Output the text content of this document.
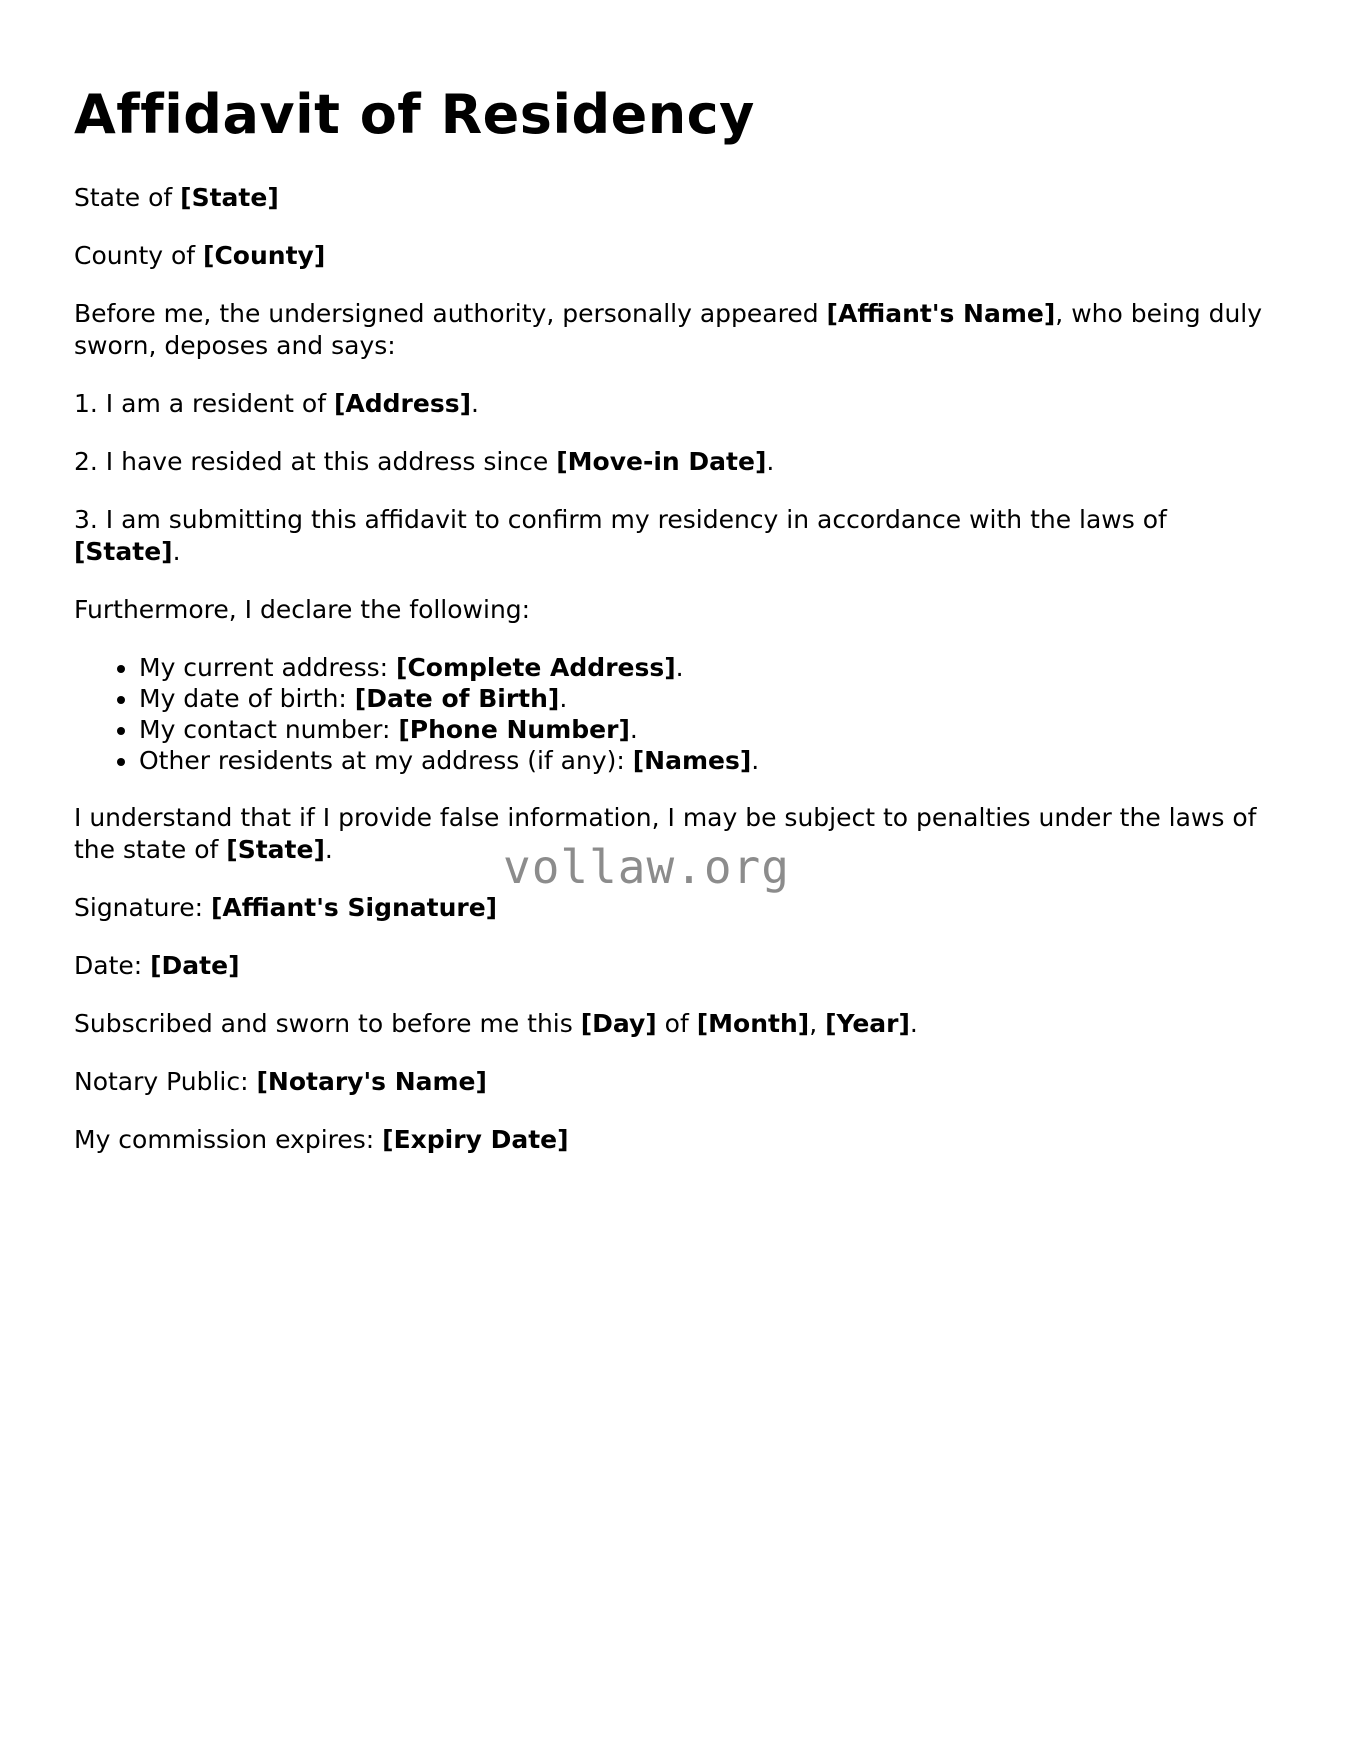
Affidavit of Residency

State of [State]

County of [County]

Before me, the undersigned authority, personally appeared [Affiant's Name], who being duly sworn, deposes and says:

1. I am a resident of [Address].

2. I have resided at this address since [Move-in Date].

3. I am submitting this affidavit to confirm my residency in accordance with the laws of [State].

Furthermore, I declare the following:

• My current address: [Complete Address].
• My date of birth: [Date of Birth].
• My contact number: [Phone Number].
• Other residents at my address (if any): [Names].

I understand that if I provide false information, I may be subject to penalties under the laws of the state of [State].

Signature: [Affiant's Signature]

Date: [Date]

Subscribed and sworn to before me this [Day] of [Month], [Year].

Notary Public: [Notary's Name]

My commission expires: [Expiry Date]

vollaw.org
